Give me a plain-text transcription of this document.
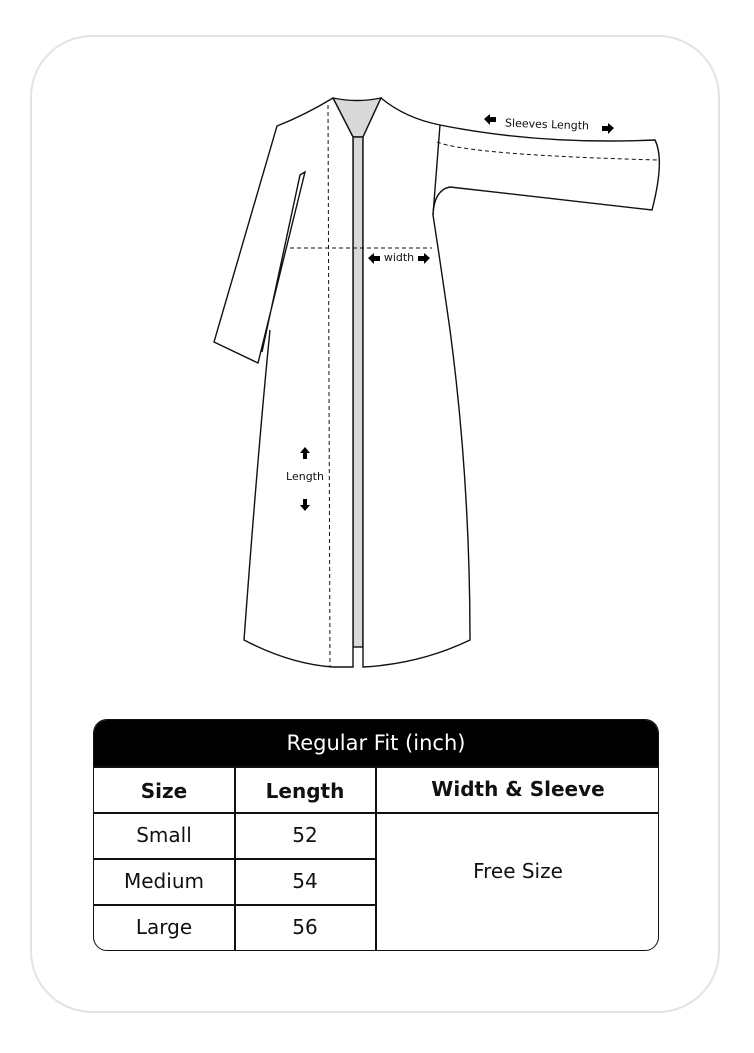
Sleeves Length
width
Length
Regular Fit (inch)
Size	Length	Width & Sleeve
Small	52
Medium	54
Large	56
Free Size
